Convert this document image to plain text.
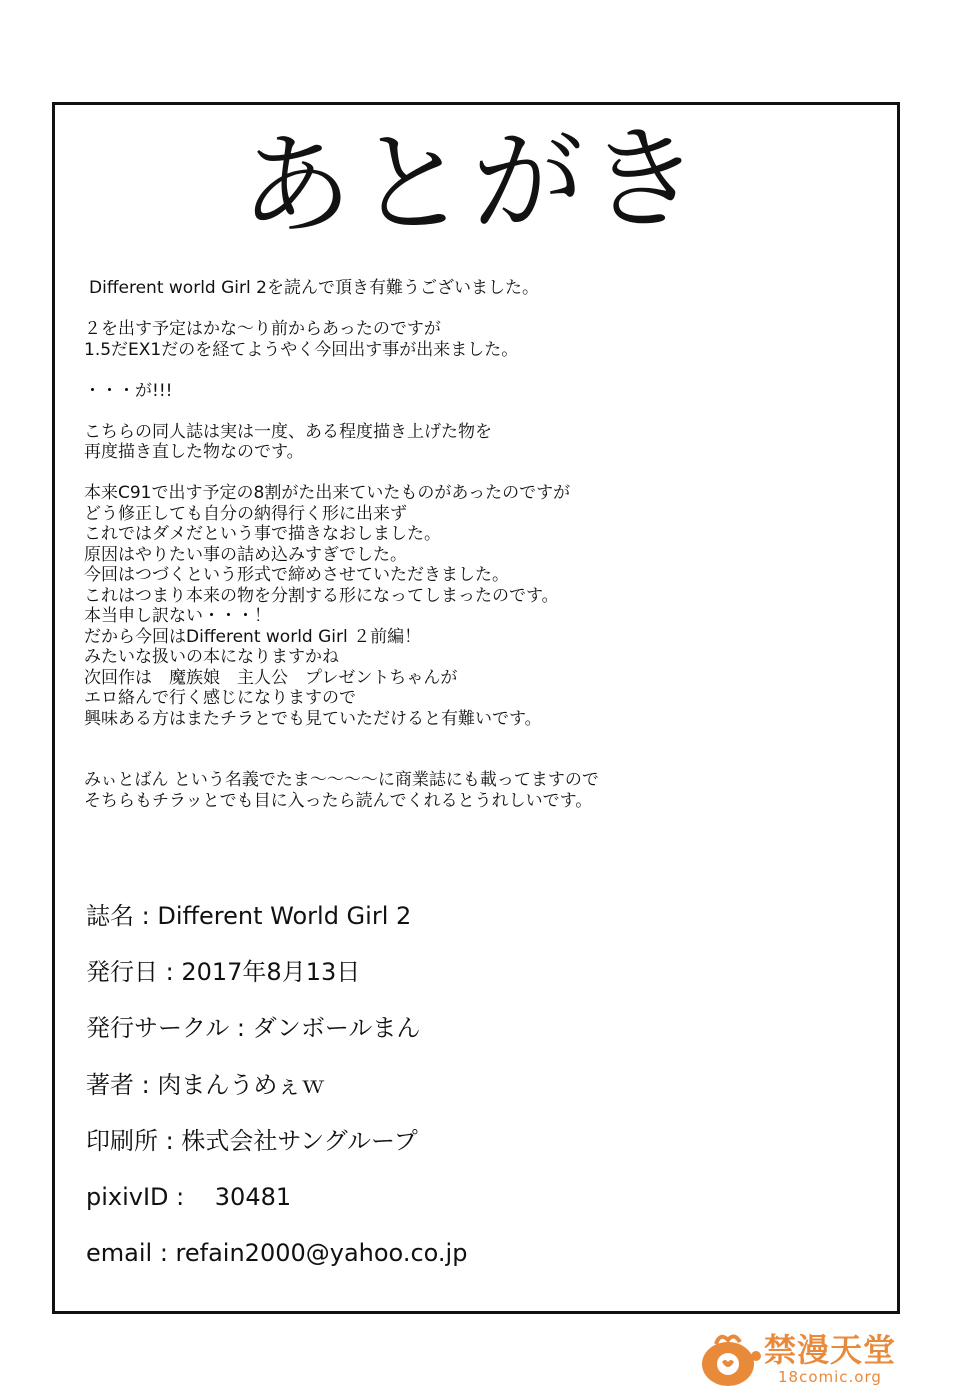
あとがき
Different world Girl 2を読んで頂き有難うございました。
２を出す予定はかな～り前からあったのですが
1.5だEX1だのを経てようやく今回出す事が出来ました。
・・・が!!!
こちらの同人誌は実は一度、ある程度描き上げた物を
再度描き直した物なのです。
本来C91で出す予定の8割がた出来ていたものがあったのですが
どう修正しても自分の納得行く形に出来ず
これではダメだという事で描きなおしました。
原因はやりたい事の詰め込みすぎでした。
今回はつづくという形式で締めさせていただきました。
これはつまり本来の物を分割する形になってしまったのです。
本当申し訳ない・・・！
だから今回はDifferent world Girl ２前編！
みたいな扱いの本になりますかね
次回作は　魔族娘　主人公　プレゼントちゃんが
エロ絡んで行く感じになりますので
興味ある方はまたチラとでも見ていただけると有難いです。
みぃとばん という名義でたま～～～～に商業誌にも載ってますので
そちらもチラッとでも目に入ったら読んでくれるとうれしいです。
誌名 : Different World Girl 2
発行日 : 2017年8月13日
発行サークル : ダンボールまん
著者 : 肉まんうめぇｗ
印刷所 : 株式会社サングループ
pixivID :    30481
email : refain2000@yahoo.co.jp
禁漫天堂
18comic.org
